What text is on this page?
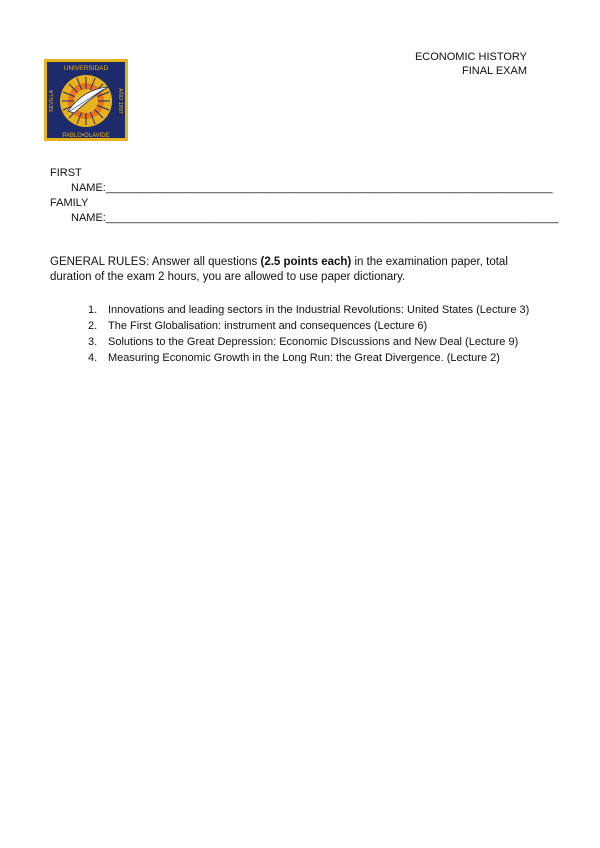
UNIVERSIDAD
PABLO•OLAVIDE
SEVILLA	AÑO 1997
ECONOMIC HISTORY
FINAL EXAM
FIRST
NAME:_________________________________________________________________________
FAMILY
NAME:__________________________________________________________________________
GENERAL RULES: Answer all questions (2.5 points each) in the examination paper, total duration of the exam 2 hours, you are allowed to use paper dictionary.
1. Innovations and leading sectors in the Industrial Revolutions: United States (Lecture 3)
2. The First Globalisation: instrument and consequences (Lecture 6)
3. Solutions to the Great Depression: Economic DIscussions and New Deal (Lecture 9)
4. Measuring Economic Growth in the Long Run: the Great Divergence. (Lecture 2)
